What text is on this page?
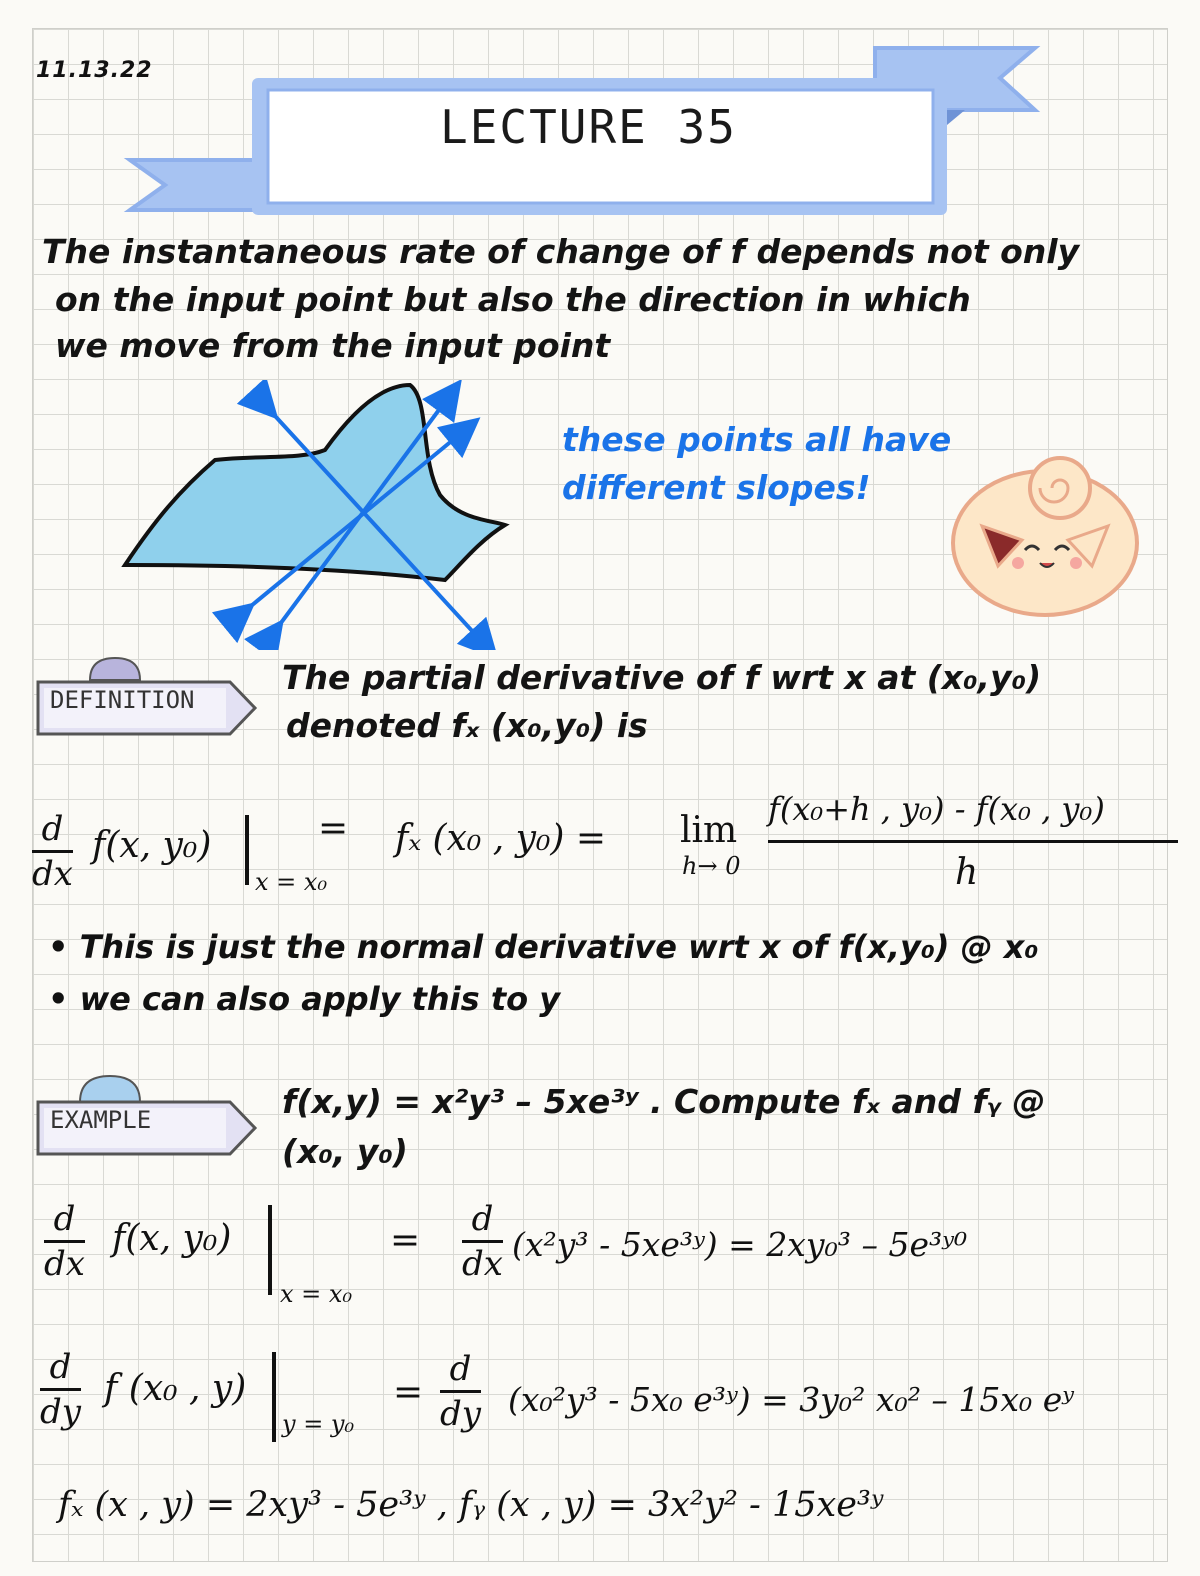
11.13.22
LECTURE 35
The instantaneous rate of change of f depends not only
on the input point but also the direction in which
we move from the input point
these points all have
different slopes!
DEFINITION
The partial derivative of f wrt x at (x₀,y₀)
denoted fₓ (x₀,y₀) is
d
dx
f(x, y₀)
x = x₀
= fₓ (x₀ , y₀) = lim
h→ 0
f(x₀+h , y₀) - f(x₀ , y₀)
h
• This is just the normal derivative wrt x of f(x,y₀) @ x₀
• we can also apply this to y
EXAMPLE	f(x,y) = x²y³ – 5xe³ʸ . Compute fₓ and fᵧ @
(x₀, y₀)
d
dx
f(x, y₀)
x = x₀
=
d
dx (x²y³ - 5xe³ʸ) = 2xy₀³ – 5e³ʸ⁰
d
dy
f (x₀ , y)
y = y₀
=
d
dy (x₀²y³ - 5x₀ e³ʸ) = 3y₀² x₀² – 15x₀ eʸ
fₓ (x , y) = 2xy³ - 5e³ʸ , fᵧ (x , y) = 3x²y² - 15xe³ʸ
